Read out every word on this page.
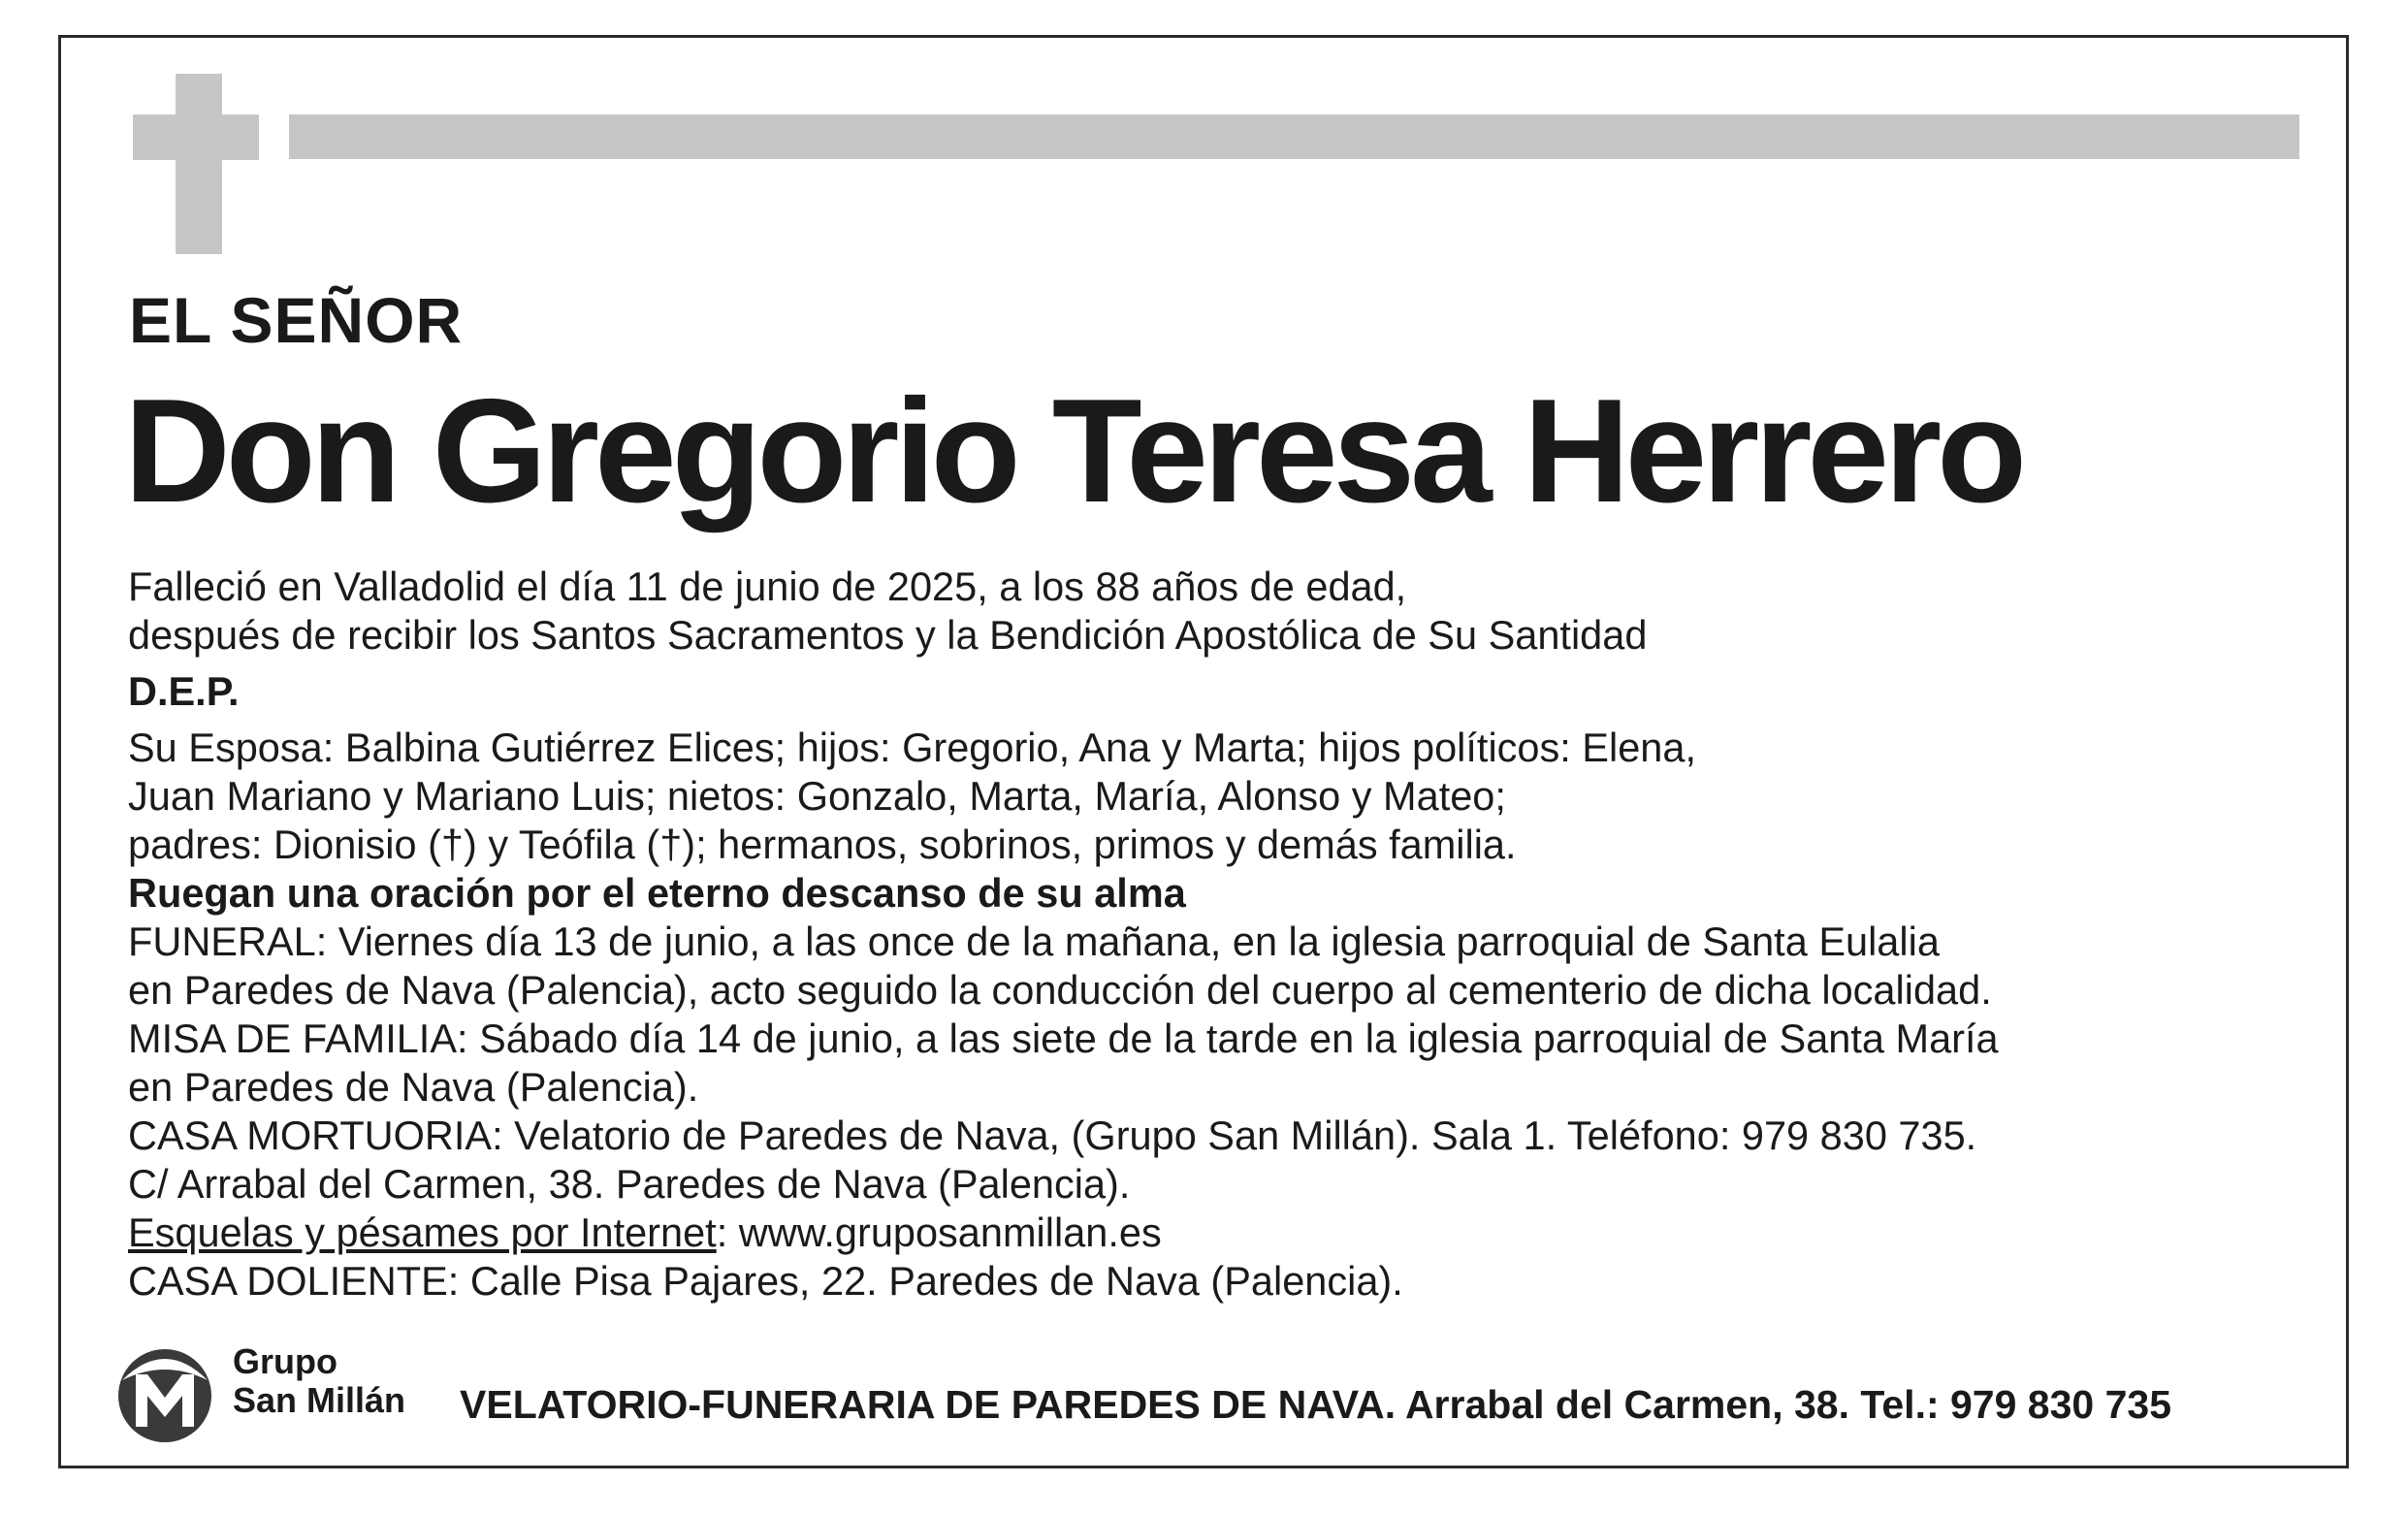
EL SEÑOR
Don Gregorio Teresa Herrero
Falleció en Valladolid el día 11 de junio de 2025, a los 88 años de edad,
después de recibir los Santos Sacramentos y la Bendición Apostólica de Su Santidad
D.E.P.
Su Esposa: Balbina Gutiérrez Elices; hijos: Gregorio, Ana y Marta; hijos políticos: Elena,
Juan Mariano y Mariano Luis; nietos: Gonzalo, Marta, María, Alonso y Mateo;
padres: Dionisio (†) y Teófila (†); hermanos, sobrinos, primos y demás familia.
Ruegan una oración por el eterno descanso de su alma
FUNERAL: Viernes día 13 de junio, a las once de la mañana, en la iglesia parroquial de Santa Eulalia
en Paredes de Nava (Palencia), acto seguido la conducción del cuerpo al cementerio de dicha localidad.
MISA DE FAMILIA: Sábado día 14 de junio, a las siete de la tarde en la iglesia parroquial de Santa María
en Paredes de Nava (Palencia).
CASA MORTUORIA: Velatorio de Paredes de Nava, (Grupo San Millán). Sala 1. Teléfono: 979 830 735.
C/ Arrabal del Carmen, 38. Paredes de Nava (Palencia).
Esquelas y pésames por Internet: www.gruposanmillan.es
CASA DOLIENTE: Calle Pisa Pajares, 22. Paredes de Nava (Palencia).
Grupo
San Millán VELATORIO-FUNERARIA DE PAREDES DE NAVA. Arrabal del Carmen, 38. Tel.: 979 830 735
